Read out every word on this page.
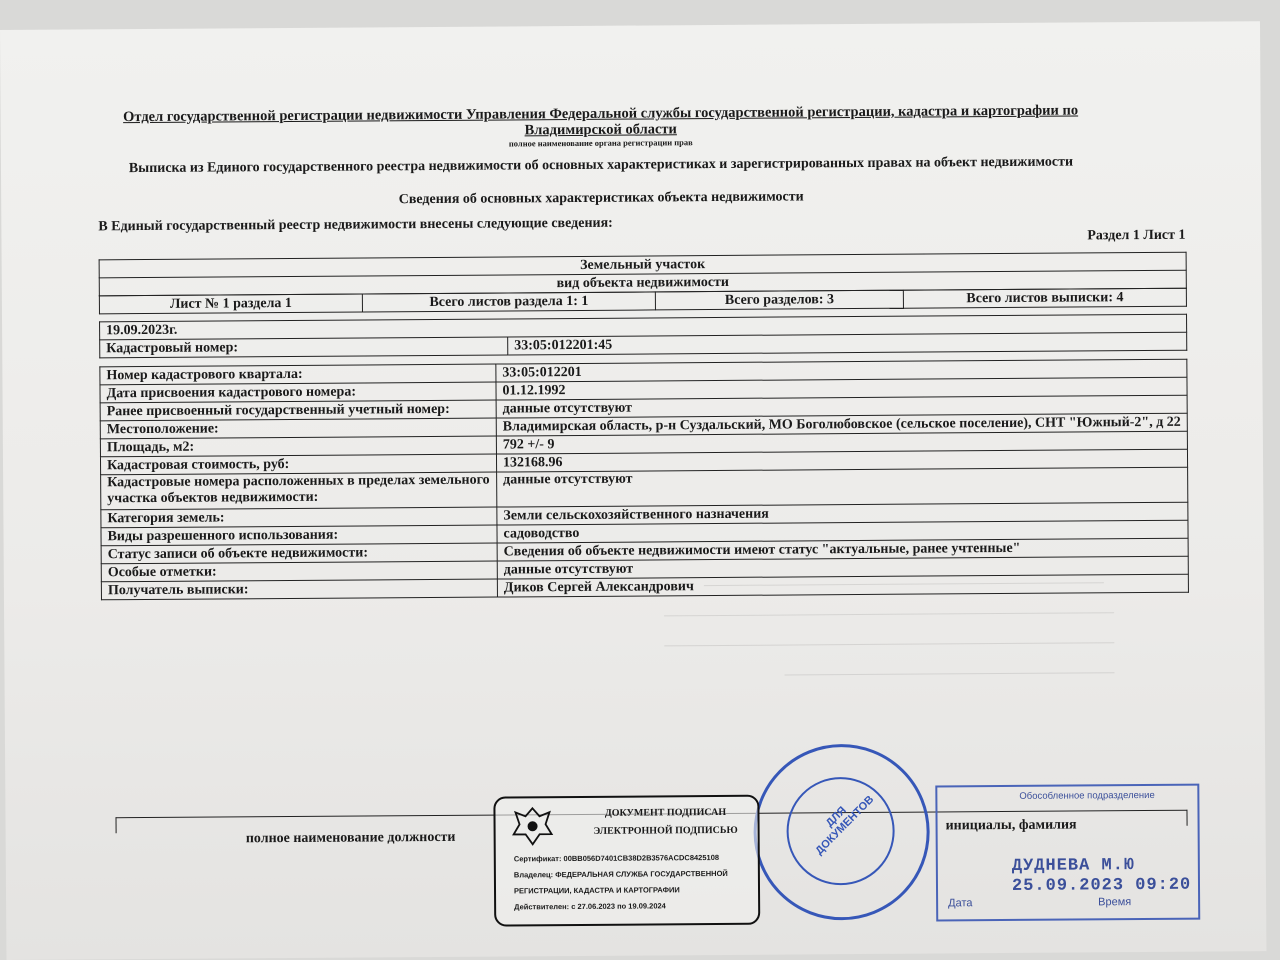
Отдел государственной регистрации недвижимости Управления Федеральной службы государственной регистрации, кадастра и картографии по Владимирской области
полное наименование органа регистрации прав
Выписка из Единого государственного реестра недвижимости об основных характеристиках и зарегистрированных правах на объект недвижимости
Сведения об основных характеристиках объекта недвижимости
В Единый государственный реестр недвижимости внесены следующие сведения:
Раздел 1 Лист 1
Земельный участок
вид объекта недвижимости
Лист № 1 раздела 1	Всего листов раздела 1: 1	Всего разделов: 3	Всего листов выписки: 4
19.09.2023г.
Кадастровый номер:	33:05:012201:45
Номер кадастрового квартала:	33:05:012201
Дата присвоения кадастрового номера:	01.12.1992
Ранее присвоенный государственный учетный номер:	данные отсутствуют
Местоположение:	Владимирская область, р-н Суздальский, МО Боголюбовское (сельское поселение), СНТ "Южный-2", д 22
Площадь, м2:	792 +/- 9
Кадастровая стоимость, руб:	132168.96
Кадастровые номера расположенных в пределах земельного участка объектов недвижимости:	данные отсутствуют
Категория земель:	Земли сельскохозяйственного назначения
Виды разрешенного использования:	садоводство
Статус записи об объекте недвижимости:	Сведения об объекте недвижимости имеют статус "актуальные, ранее учтенные"
Особые отметки:	данные отсутствуют
Получатель выписки:	Диков Сергей Александрович
полное наименование должности
инициалы, фамилия
ДЛЯ ДОКУМЕНТОВ
ДОКУМЕНТ ПОДПИСАН
ЭЛЕКТРОННОЙ ПОДПИСЬЮ
Сертификат: 00BB056D7401CB38D2B3576ACDC8425108
Владелец: ФЕДЕРАЛЬНАЯ СЛУЖБА ГОСУДАРСТВЕННОЙ
РЕГИСТРАЦИИ, КАДАСТРА И КАРТОГРАФИИ
Действителен: с 27.06.2023 по 19.09.2024
Обособленное подразделение
ДУДНЕВА М.Ю
25.09.2023 09:20
Дата	Время
